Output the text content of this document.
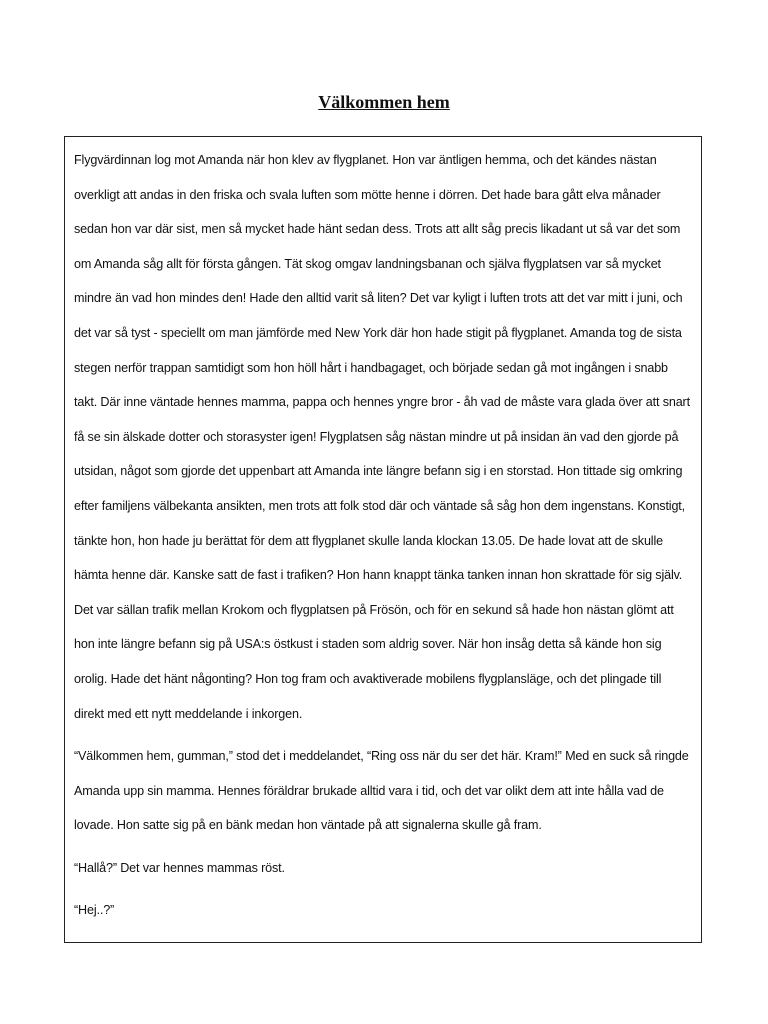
Välkommen hem

Flygvärdinnan log mot Amanda när hon klev av flygplanet. Hon var äntligen hemma, och det kändes nästan overkligt att andas in den friska och svala luften som mötte henne i dörren. Det hade bara gått elva månader sedan hon var där sist, men så mycket hade hänt sedan dess. Trots att allt såg precis likadant ut så var det som om Amanda såg allt för första gången. Tät skog omgav landningsbanan och själva flygplatsen var så mycket mindre än vad hon mindes den! Hade den alltid varit så liten? Det var kyligt i luften trots att det var mitt i juni, och det var så tyst - speciellt om man jämförde med New York där hon hade stigit på flygplanet. Amanda tog de sista stegen nerför trappan samtidigt som hon höll hårt i handbagaget, och började sedan gå mot ingången i snabb takt. Där inne väntade hennes mamma, pappa och hennes yngre bror - åh vad de måste vara glada över att snart få se sin älskade dotter och storasyster igen! Flygplatsen såg nästan mindre ut på insidan än vad den gjorde på utsidan, något som gjorde det uppenbart att Amanda inte längre befann sig i en storstad. Hon tittade sig omkring efter familjens välbekanta ansikten, men trots att folk stod där och väntade så såg hon dem ingenstans. Konstigt, tänkte hon, hon hade ju berättat för dem att flygplanet skulle landa klockan 13.05. De hade lovat att de skulle hämta henne där. Kanske satt de fast i trafiken? Hon hann knappt tänka tanken innan hon skrattade för sig själv. Det var sällan trafik mellan Krokom och flygplatsen på Frösön, och för en sekund så hade hon nästan glömt att hon inte längre befann sig på USA:s östkust i staden som aldrig sover. När hon insåg detta så kände hon sig orolig. Hade det hänt någonting? Hon tog fram och avaktiverade mobilens flygplansläge, och det plingade till direkt med ett nytt meddelande i inkorgen.

“Välkommen hem, gumman,” stod det i meddelandet, “Ring oss när du ser det här. Kram!” Med en suck så ringde Amanda upp sin mamma. Hennes föräldrar brukade alltid vara i tid, och det var olikt dem att inte hålla vad de lovade. Hon satte sig på en bänk medan hon väntade på att signalerna skulle gå fram.

“Hallå?” Det var hennes mammas röst.

“Hej..?”
